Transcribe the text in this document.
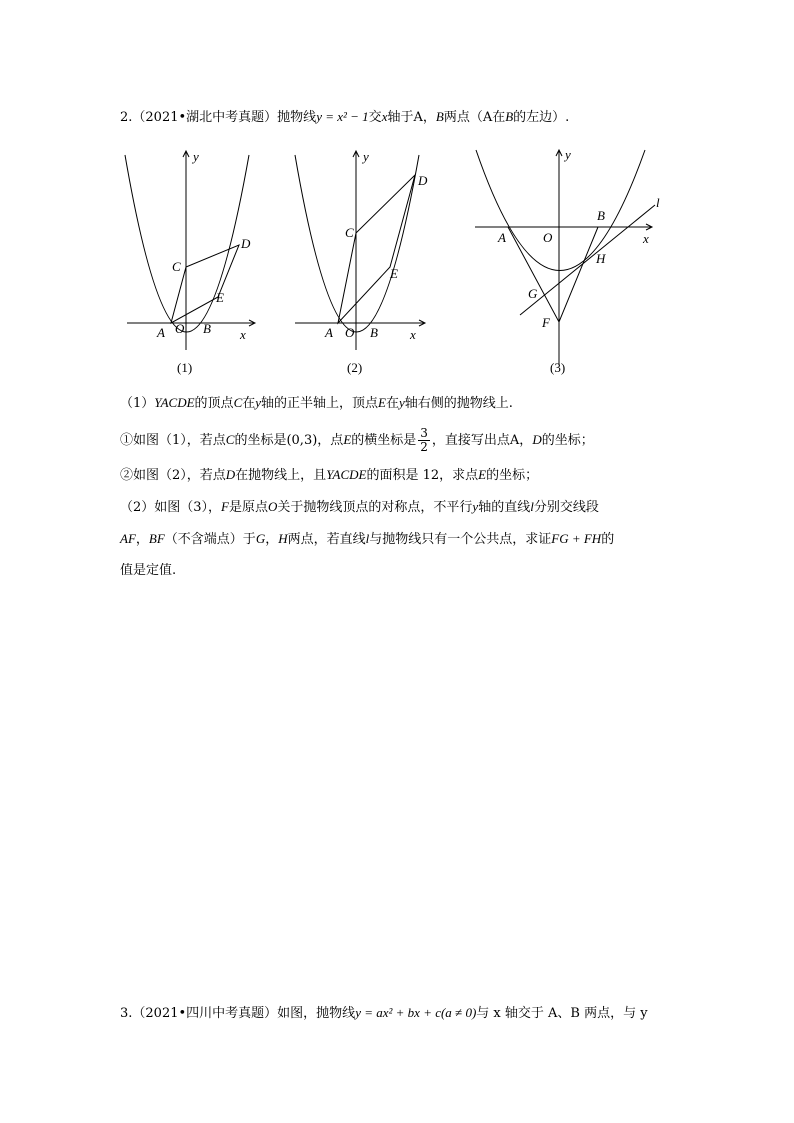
2.（2021•湖北中考真题）抛物线y = x² − 1交x轴于A，B两点（A在B的左边）.
y
x
A O B
C
D
E
(1)
y
x
A O B
C
D
E
(2)
y
x
A	O
B
H
G
F
l
(3)
（1）YACDE的顶点C在y轴的正半轴上，顶点E在y轴右侧的抛物线上.
①如图（1），若点C的坐标是(0,3)，点E的横坐标是 $\frac{3}{2}$ ，直接写出点A，D的坐标；
②如图（2），若点D在抛物线上，且YACDE的面积是 12，求点E的坐标；
（2）如图（3），F是原点O关于抛物线顶点的对称点，不平行y轴的直线l分别交线段
AF，BF（不含端点）于G，H两点，若直线l与抛物线只有一个公共点，求证FG + FH的
值是定值.
3.（2021•四川中考真题）如图，抛物线y = ax² + bx + c(a ≠ 0)与 x 轴交于 A、B 两点，与 y
